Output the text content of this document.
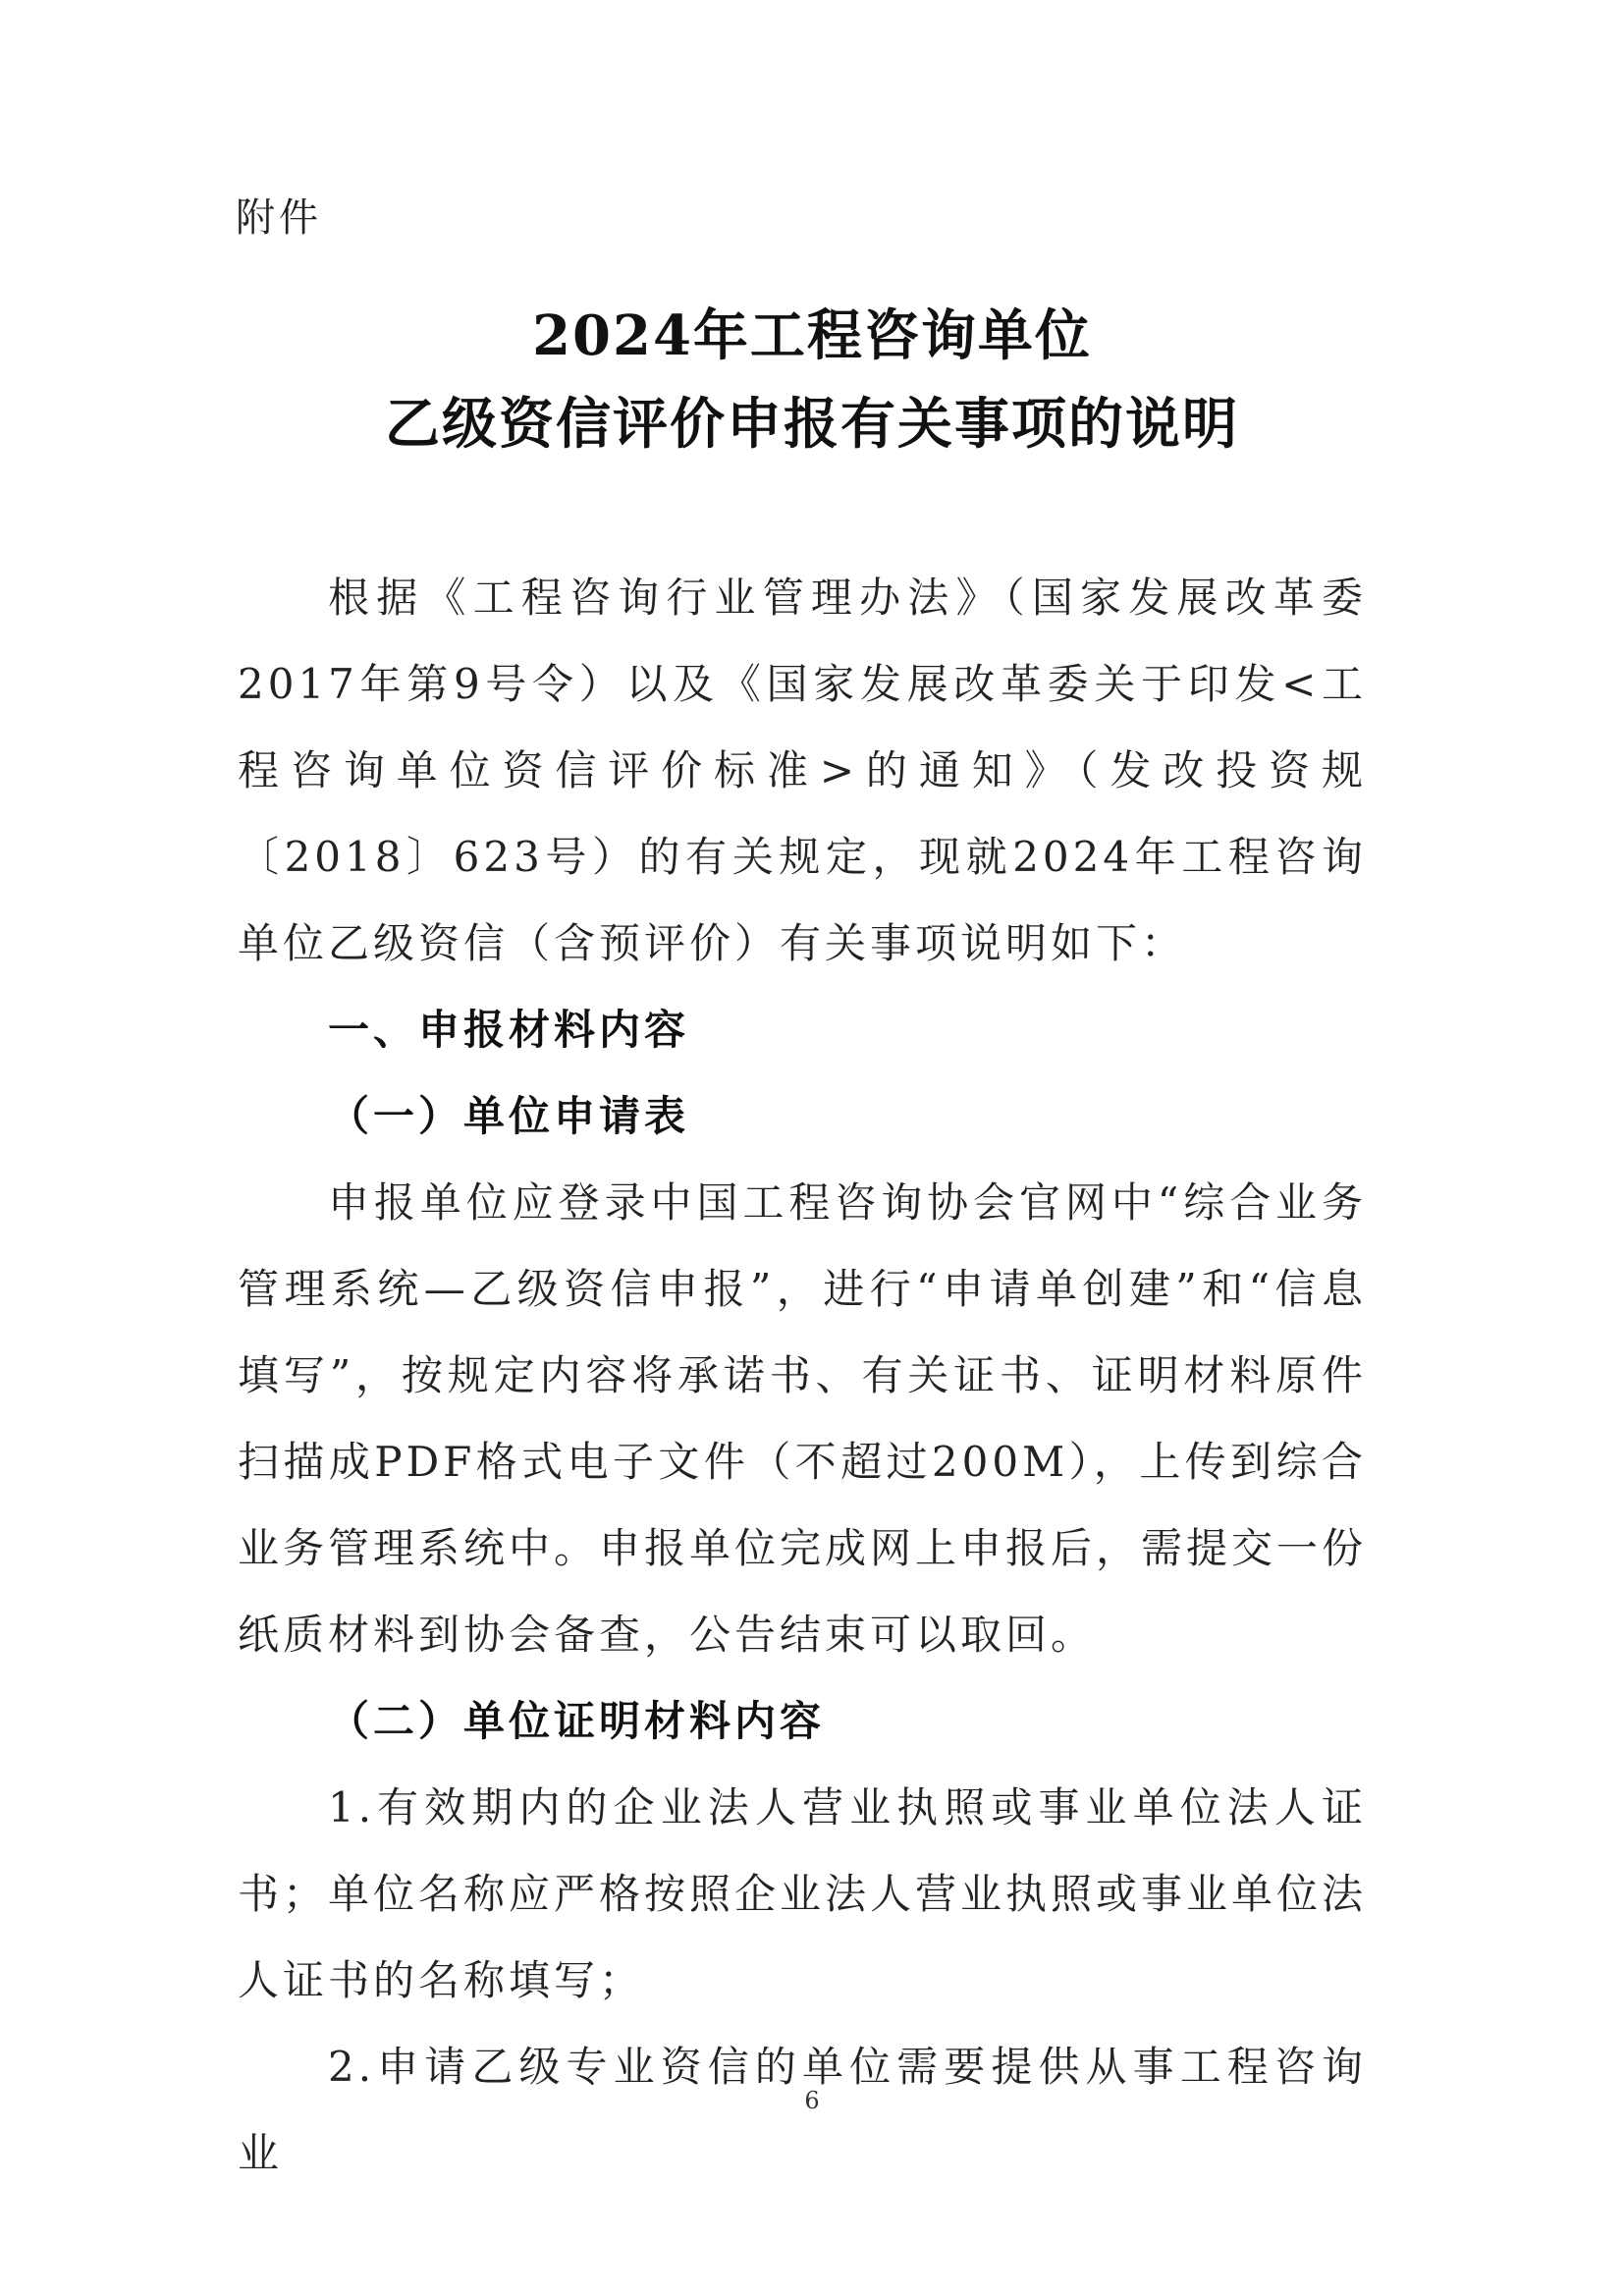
附件
2024年工程咨询单位
乙级资信评价申报有关事项的说明

根据《工程咨询行业管理办法》（国家发展改革委2017年第9号令）以及《国家发展改革委关于印发<工程咨询单位资信评价标准>的通知》（发改投资规〔2018〕623号）的有关规定，现就2024年工程咨询单位乙级资信（含预评价）有关事项说明如下：

一、申报材料内容

（一）单位申请表

申报单位应登录中国工程咨询协会官网中“综合业务管理系统—乙级资信申报”，进行“申请单创建”和“信息填写”，按规定内容将承诺书、有关证书、证明材料原件扫描成PDF格式电子文件（不超过200M），上传到综合业务管理系统中。申报单位完成网上申报后，需提交一份纸质材料到协会备查，公告结束可以取回。

（二）单位证明材料内容

1.有效期内的企业法人营业执照或事业单位法人证书；单位名称应严格按照企业法人营业执照或事业单位法人证书的名称填写；

2.申请乙级专业资信的单位需要提供从事工程咨询业

6
